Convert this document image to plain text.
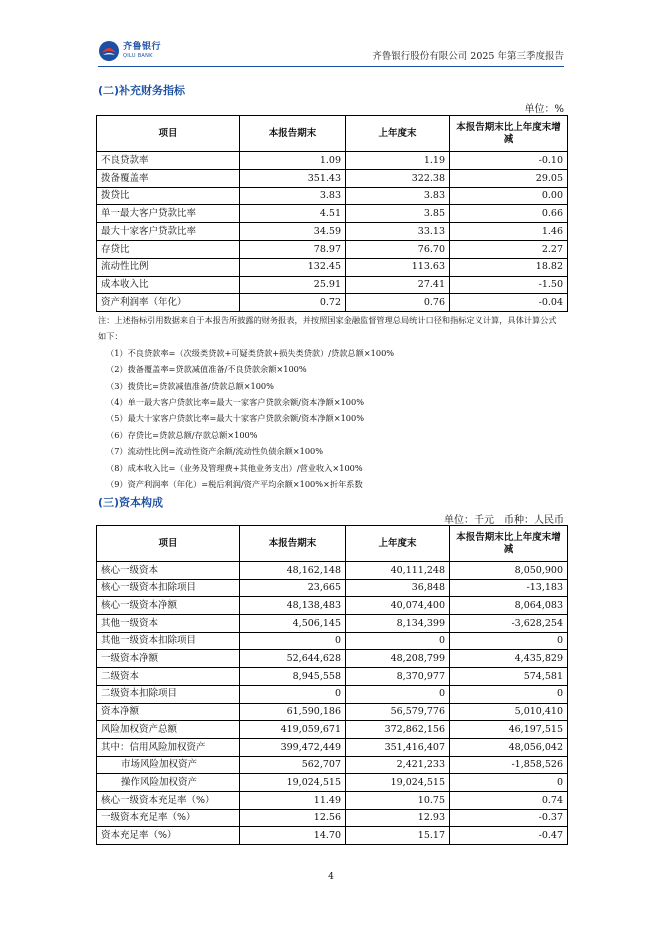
齐鲁银行
QILU BANK	齐鲁银行股份有限公司 2025 年第三季度报告
(二)补充财务指标
单位：%
项目	本报告期末	上年度末	本报告期末比上年度末增减
不良贷款率	1.09	1.19	-0.10
拨备覆盖率	351.43	322.38	29.05
拨贷比	3.83	3.83	0.00
单一最大客户贷款比率	4.51	3.85	0.66
最大十家客户贷款比率	34.59	33.13	1.46
存贷比	78.97	76.70	2.27
流动性比例	132.45	113.63	18.82
成本收入比	25.91	27.41	-1.50
资产利润率（年化）	0.72	0.76	-0.04

注：上述指标引用数据来自于本报告所披露的财务报表，并按照国家金融监督管理总局统计口径和指标定义计算，具体计算公式如下：

（1）不良贷款率=（次级类贷款+可疑类贷款+损失类贷款）/贷款总额×100%

（2）拨备覆盖率=贷款减值准备/不良贷款余额×100%

（3）拨贷比=贷款减值准备/贷款总额×100%

（4）单一最大客户贷款比率=最大一家客户贷款余额/资本净额×100%

（5）最大十家客户贷款比率=最大十家客户贷款余额/资本净额×100%

（6）存贷比=贷款总额/存款总额×100%

（7）流动性比例=流动性资产余额/流动性负债余额×100%

（8）成本收入比=（业务及管理费+其他业务支出）/营业收入×100%

（9）资产利润率（年化）=税后利润/资产平均余额×100%×折年系数

(三)资本构成
单位：千元　币种：人民币
项目	本报告期末	上年度末	本报告期末比上年度末增减
核心一级资本	48,162,148	40,111,248	8,050,900
核心一级资本扣除项目	23,665	36,848	-13,183
核心一级资本净额	48,138,483	40,074,400	8,064,083
其他一级资本	4,506,145	8,134,399	-3,628,254
其他一级资本扣除项目	0	0	0
一级资本净额	52,644,628	48,208,799	4,435,829
二级资本	8,945,558	8,370,977	574,581
二级资本扣除项目	0	0	0
资本净额	61,590,186	56,579,776	5,010,410
风险加权资产总额	419,059,671	372,862,156	46,197,515
其中：信用风险加权资产	399,472,449	351,416,407	48,056,042
市场风险加权资产	562,707	2,421,233	-1,858,526
操作风险加权资产	19,024,515	19,024,515	0
核心一级资本充足率（%）	11.49	10.75	0.74
一级资本充足率（%）	12.56	12.93	-0.37
资本充足率（%）	14.70	15.17	-0.47
4
